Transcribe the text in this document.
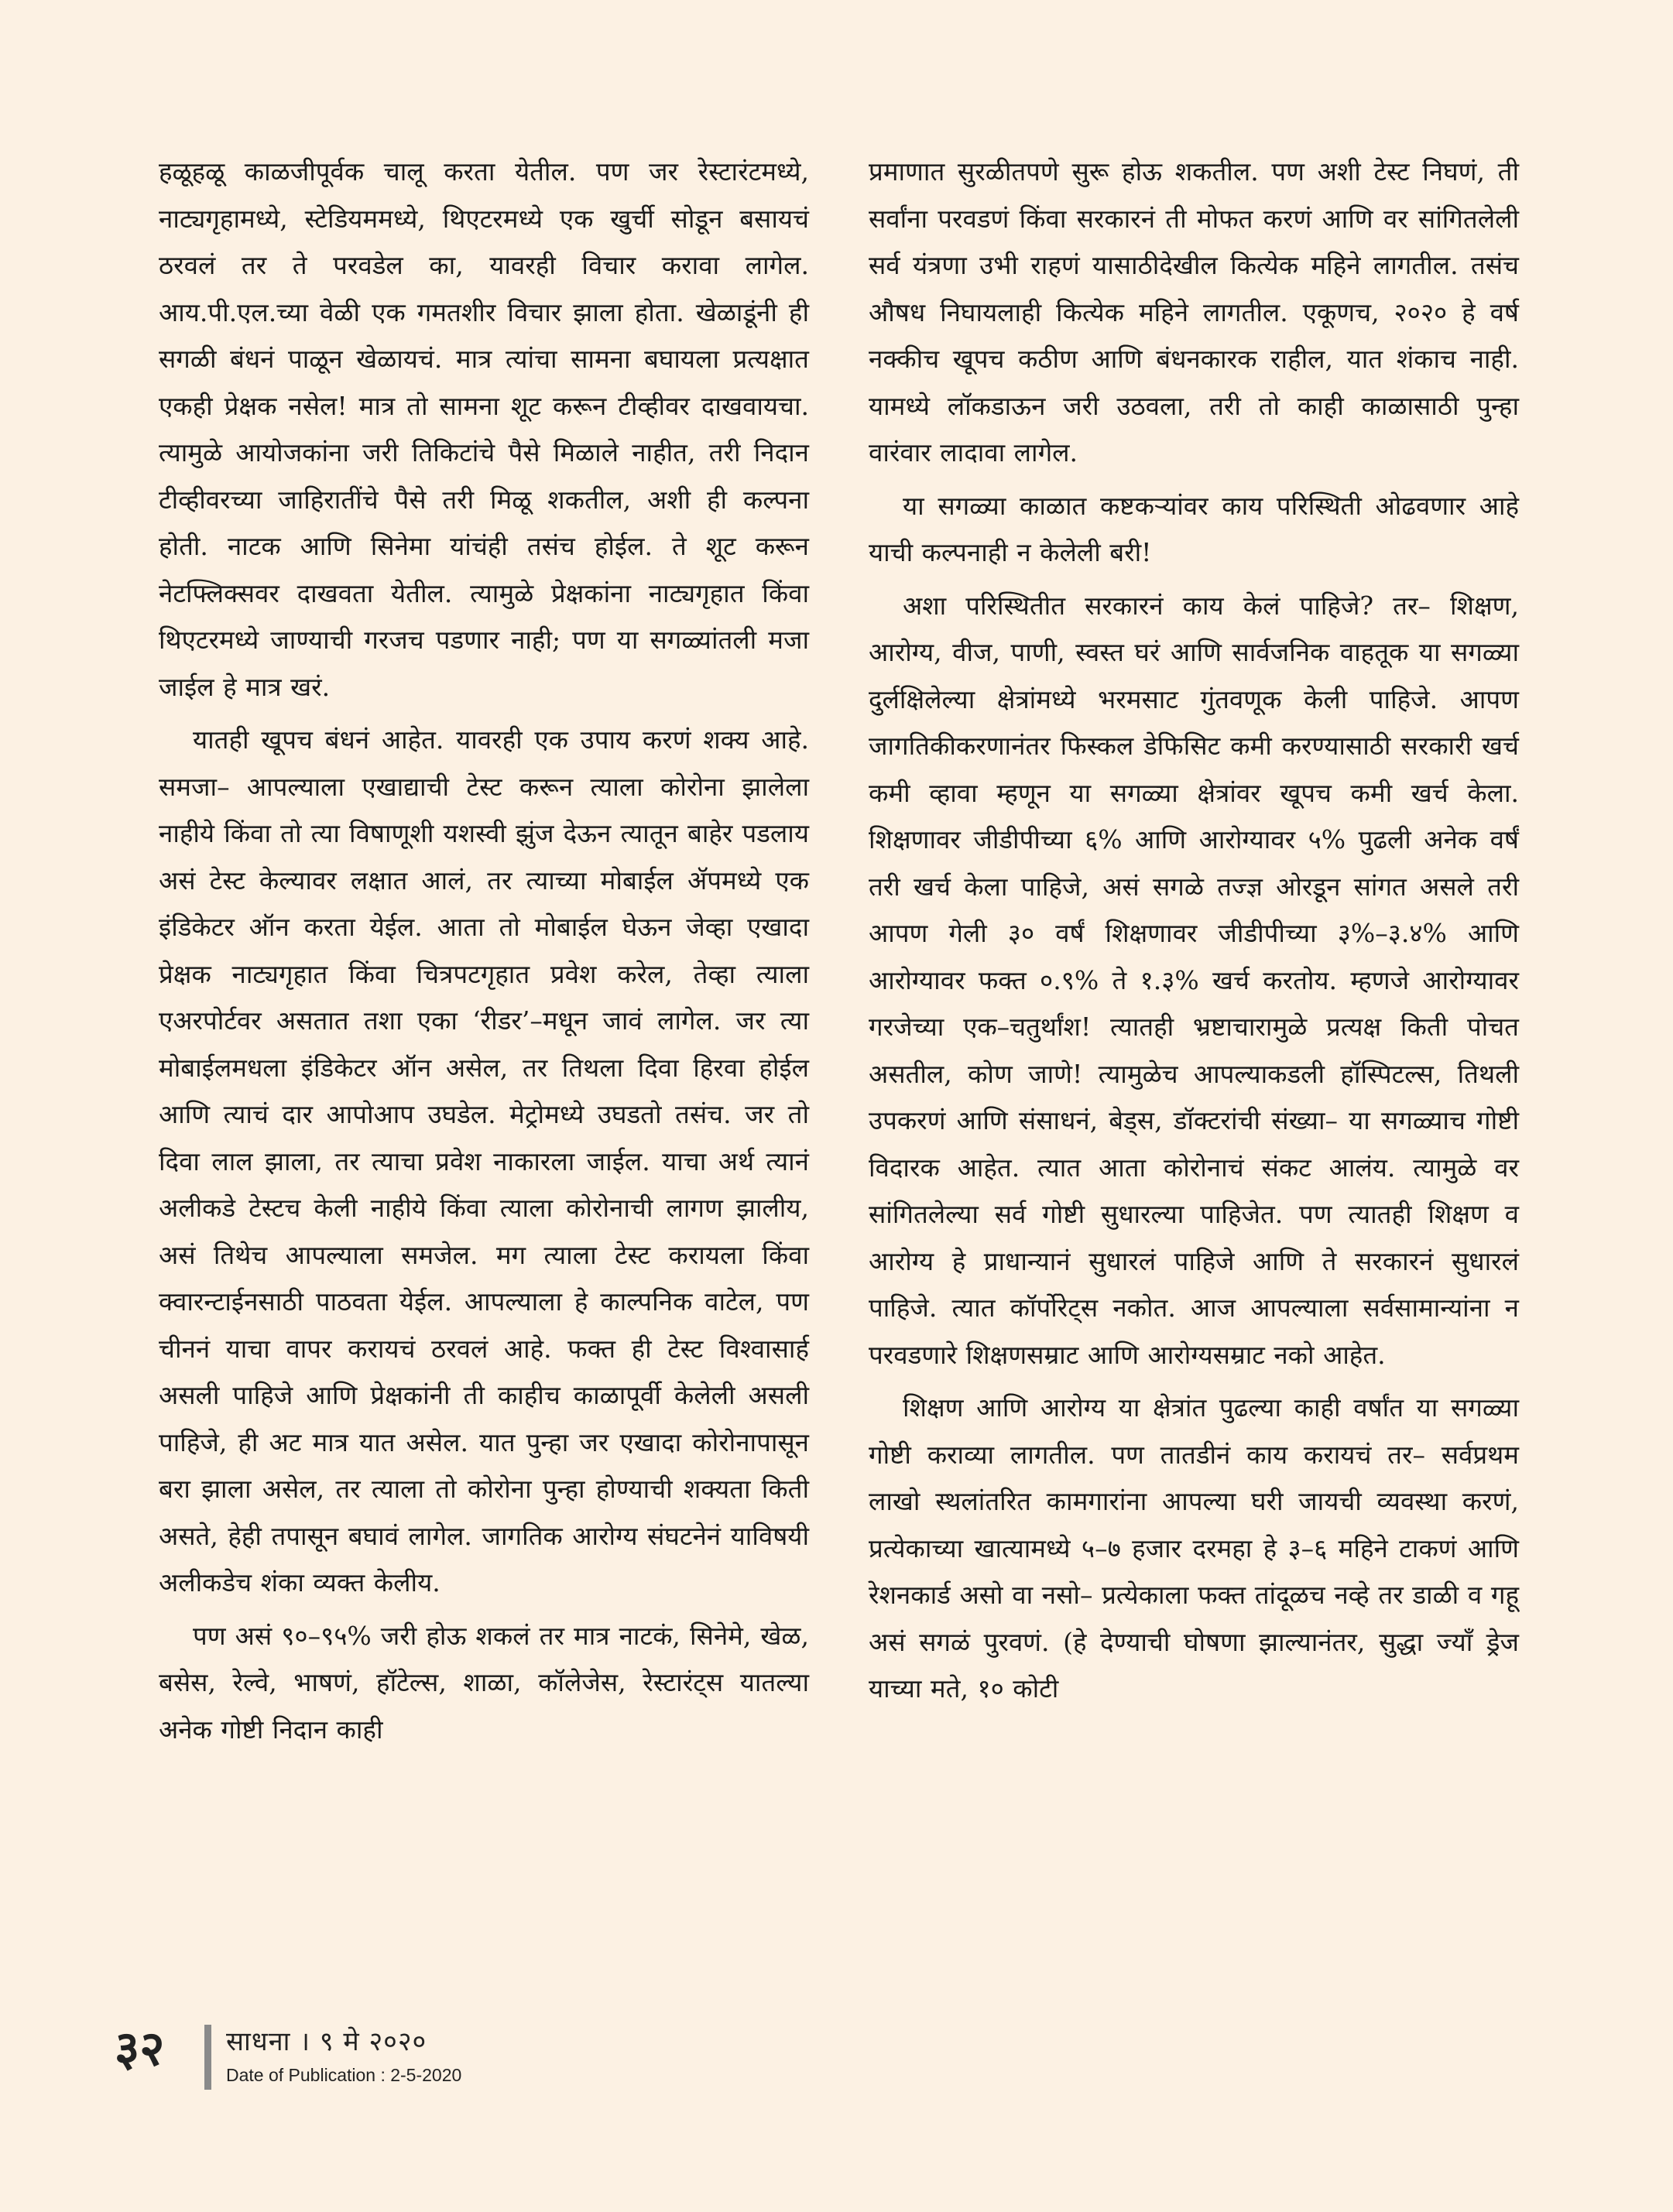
हळूहळू काळजीपूर्वक चालू करता येतील. पण जर रेस्टारंटमध्ये, नाट्यगृहामध्ये, स्टेडियममध्ये, थिएटरमध्ये एक खुर्ची सोडून बसायचं ठरवलं तर ते परवडेल का, यावरही विचार करावा लागेल. आय.पी.एल.च्या वेळी एक गमतशीर विचार झाला होता. खेळाडूंनी ही सगळी बंधनं पाळून खेळायचं. मात्र त्यांचा सामना बघायला प्रत्यक्षात एकही प्रेक्षक नसेल! मात्र तो सामना शूट करून टीव्हीवर दाखवायचा. त्यामुळे आयोजकांना जरी तिकिटांचे पैसे मिळाले नाहीत, तरी निदान टीव्हीवरच्या जाहिरातींचे पैसे तरी मिळू शकतील, अशी ही कल्पना होती. नाटक आणि सिनेमा यांचंही तसंच होईल. ते शूट करून नेटफ्लिक्सवर दाखवता येतील. त्यामुळे प्रेक्षकांना नाट्यगृहात किंवा थिएटरमध्ये जाण्याची गरजच पडणार नाही; पण या सगळ्यांतली मजा जाईल हे मात्र खरं.

यातही खूपच बंधनं आहेत. यावरही एक उपाय करणं शक्य आहे. समजा– आपल्याला एखाद्याची टेस्ट करून त्याला कोरोना झालेला नाहीये किंवा तो त्या विषाणूशी यशस्वी झुंज देऊन त्यातून बाहेर पडलाय असं टेस्ट केल्यावर लक्षात आलं, तर त्याच्या मोबाईल ॲपमध्ये एक इंडिकेटर ऑन करता येईल. आता तो मोबाईल घेऊन जेव्हा एखादा प्रेक्षक नाट्यगृहात किंवा चित्रपटगृहात प्रवेश करेल, तेव्हा त्याला एअरपोर्टवर असतात तशा एका ‘रीडर’–मधून जावं लागेल. जर त्या मोबाईलमधला इंडिकेटर ऑन असेल, तर तिथला दिवा हिरवा होईल आणि त्याचं दार आपोआप उघडेल. मेट्रोमध्ये उघडतो तसंच. जर तो दिवा लाल झाला, तर त्याचा प्रवेश नाकारला जाईल. याचा अर्थ त्यानं अलीकडे टेस्टच केली नाहीये किंवा त्याला कोरोनाची लागण झालीय, असं तिथेच आपल्याला समजेल. मग त्याला टेस्ट करायला किंवा क्वारन्टाईनसाठी पाठवता येईल. आपल्याला हे काल्पनिक वाटेल, पण चीननं याचा वापर करायचं ठरवलं आहे. फक्त ही टेस्ट विश्वासार्ह असली पाहिजे आणि प्रेक्षकांनी ती काहीच काळापूर्वी केलेली असली पाहिजे, ही अट मात्र यात असेल. यात पुन्हा जर एखादा कोरोनापासून बरा झाला असेल, तर त्याला तो कोरोना पुन्हा होण्याची शक्यता किती असते, हेही तपासून बघावं लागेल. जागतिक आरोग्य संघटनेनं याविषयी अलीकडेच शंका व्यक्त केलीय.

पण असं ९०–९५% जरी होऊ शकलं तर मात्र नाटकं, सिनेमे, खेळ, बसेस, रेल्वे, भाषणं, हॉटेल्स, शाळा, कॉलेजेस, रेस्टारंट्स यातल्या अनेक गोष्टी निदान काही

प्रमाणात सुरळीतपणे सुरू होऊ शकतील. पण अशी टेस्ट निघणं, ती सर्वांना परवडणं किंवा सरकारनं ती मोफत करणं आणि वर सांगितलेली सर्व यंत्रणा उभी राहणं यासाठीदेखील कित्येक महिने लागतील. तसंच औषध निघायलाही कित्येक महिने लागतील. एकूणच, २०२० हे वर्ष नक्कीच खूपच कठीण आणि बंधनकारक राहील, यात शंकाच नाही. यामध्ये लॉकडाऊन जरी उठवला, तरी तो काही काळासाठी पुन्हा वारंवार लादावा लागेल.

या सगळ्या काळात कष्टकऱ्यांवर काय परिस्थिती ओढवणार आहे याची कल्पनाही न केलेली बरी!

अशा परिस्थितीत सरकारनं काय केलं पाहिजे? तर– शिक्षण, आरोग्य, वीज, पाणी, स्वस्त घरं आणि सार्वजनिक वाहतूक या सगळ्या दुर्लक्षिलेल्या क्षेत्रांमध्ये भरमसाट गुंतवणूक केली पाहिजे. आपण जागतिकीकरणानंतर फिस्कल डेफिसिट कमी करण्यासाठी सरकारी खर्च कमी व्हावा म्हणून या सगळ्या क्षेत्रांवर खूपच कमी खर्च केला. शिक्षणावर जीडीपीच्या ६% आणि आरोग्यावर ५% पुढली अनेक वर्षं तरी खर्च केला पाहिजे, असं सगळे तज्ज्ञ ओरडून सांगत असले तरी आपण गेली ३० वर्षं शिक्षणावर जीडीपीच्या ३%–३.४% आणि आरोग्यावर फक्त ०.९% ते १.३% खर्च करतोय. म्हणजे आरोग्यावर गरजेच्या एक–चतुर्थांश! त्यातही भ्रष्टाचारामुळे प्रत्यक्ष किती पोचत असतील, कोण जाणे! त्यामुळेच आपल्याकडली हॉस्पिटल्स, तिथली उपकरणं आणि संसाधनं, बेड्‌स, डॉक्टरांची संख्या– या सगळ्याच गोष्टी विदारक आहेत. त्यात आता कोरोनाचं संकट आलंय. त्यामुळे वर सांगितलेल्या सर्व गोष्टी सुधारल्या पाहिजेत. पण त्यातही शिक्षण व आरोग्य हे प्राधान्यानं सुधारलं पाहिजे आणि ते सरकारनं सुधारलं पाहिजे. त्यात कॉर्पोरेट्‌स नकोत. आज आपल्याला सर्वसामान्यांना न परवडणारे शिक्षणसम्राट आणि आरोग्यसम्राट नको आहेत.

शिक्षण आणि आरोग्य या क्षेत्रांत पुढल्या काही वर्षांत या सगळ्या गोष्टी कराव्या लागतील. पण तातडीनं काय करायचं तर– सर्वप्रथम लाखो स्थलांतरित कामगारांना आपल्या घरी जायची व्यवस्था करणं, प्रत्येकाच्या खात्यामध्ये ५–७ हजार दरमहा हे ३–६ महिने टाकणं आणि रेशनकार्ड असो वा नसो– प्रत्येकाला फक्त तांदूळच नव्हे तर डाळी व गहू असं सगळं पुरवणं. (हे देण्याची घोषणा झाल्यानंतर, सुद्धा ज्याँ ड्रेज याच्या मते, १० कोटी

३२ साधना । ९ मे २०२०
Date of Publication : 2-5-2020
